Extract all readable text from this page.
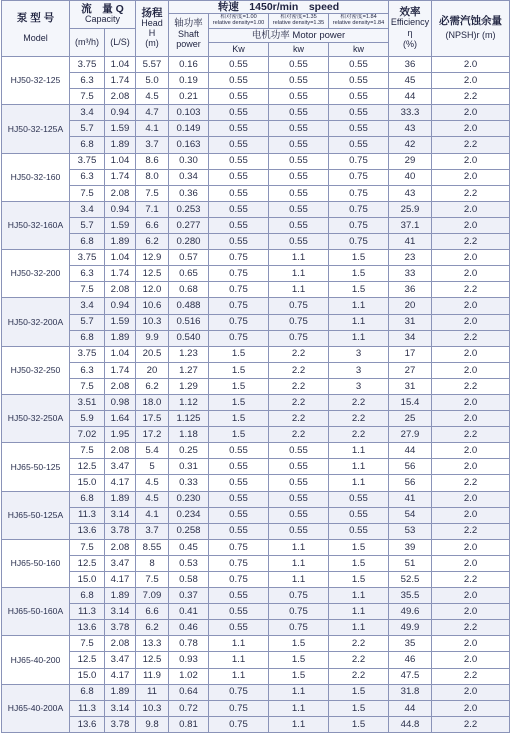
泵 型 号

Model	流　量 Q
Capacity		扬程
Head
H
(m)	转速　1450r/min　speed				效率
Efficiency
η
(%)	必需汽蚀余量
(NPSH)r (m)
				轴功率
Shaft
power	相对密度=1.00
relative density=1.00	相对密度=1.35
relative density=1.35	相对密度=1.84
relative density=1.84		
	(m³/h)	(L/S)			电机功率 Motor power				
					Kw	kw	kw		
HJ50-32-125	3.75	1.04	5.57	0.16	0.55	0.55	0.55	36	2.0
	6.3	1.74	5.0	0.19	0.55	0.55	0.55	45	2.0
	7.5	2.08	4.5	0.21	0.55	0.55	0.55	44	2.2
HJ50-32-125A	3.4	0.94	4.7	0.103	0.55	0.55	0.55	33.3	2.0
	5.7	1.59	4.1	0.149	0.55	0.55	0.55	43	2.0
	6.8	1.89	3.7	0.163	0.55	0.55	0.55	42	2.2
HJ50-32-160	3.75	1.04	8.6	0.30	0.55	0.55	0.75	29	2.0
	6.3	1.74	8.0	0.34	0.55	0.55	0.75	40	2.0
	7.5	2.08	7.5	0.36	0.55	0.55	0.75	43	2.2
HJ50-32-160A	3.4	0.94	7.1	0.253	0.55	0.55	0.75	25.9	2.0
	5.7	1.59	6.6	0.277	0.55	0.55	0.75	37.1	2.0
	6.8	1.89	6.2	0.280	0.55	0.55	0.75	41	2.2
HJ50-32-200	3.75	1.04	12.9	0.57	0.75	1.1	1.5	23	2.0
	6.3	1.74	12.5	0.65	0.75	1.1	1.5	33	2.0
	7.5	2.08	12.0	0.68	0.75	1.1	1.5	36	2.2
HJ50-32-200A	3.4	0.94	10.6	0.488	0.75	0.75	1.1	20	2.0
	5.7	1.59	10.3	0.516	0.75	0.75	1.1	31	2.0
	6.8	1.89	9.9	0.540	0.75	0.75	1.1	34	2.2
HJ50-32-250	3.75	1.04	20.5	1.23	1.5	2.2	3	17	2.0
	6.3	1.74	20	1.27	1.5	2.2	3	27	2.0
	7.5	2.08	6.2	1.29	1.5	2.2	3	31	2.2
HJ50-32-250A	3.51	0.98	18.0	1.12	1.5	2.2	2.2	15.4	2.0
	5.9	1.64	17.5	1.125	1.5	2.2	2.2	25	2.0
	7.02	1.95	17.2	1.18	1.5	2.2	2.2	27.9	2.2
HJ65-50-125	7.5	2.08	5.4	0.25	0.55	0.55	1.1	44	2.0
	12.5	3.47	5	0.31	0.55	0.55	1.1	56	2.0
	15.0	4.17	4.5	0.33	0.55	0.55	1.1	56	2.2
HJ65-50-125A	6.8	1.89	4.5	0.230	0.55	0.55	0.55	41	2.0
	11.3	3.14	4.1	0.234	0.55	0.55	0.55	54	2.0
	13.6	3.78	3.7	0.258	0.55	0.55	0.55	53	2.2
HJ65-50-160	7.5	2.08	8.55	0.45	0.75	1.1	1.5	39	2.0
	12.5	3.47	8	0.53	0.75	1.1	1.5	51	2.0
	15.0	4.17	7.5	0.58	0.75	1.1	1.5	52.5	2.2
HJ65-50-160A	6.8	1.89	7.09	0.37	0.55	0.75	1.1	35.5	2.0
	11.3	3.14	6.6	0.41	0.55	0.75	1.1	49.6	2.0
	13.6	3.78	6.2	0.46	0.55	0.75	1.1	49.9	2.2
HJ65-40-200	7.5	2.08	13.3	0.78	1.1	1.5	2.2	35	2.0
	12.5	3.47	12.5	0.93	1.1	1.5	2.2	46	2.0
	15.0	4.17	11.9	1.02	1.1	1.5	2.2	47.5	2.2
HJ65-40-200A	6.8	1.89	11	0.64	0.75	1.1	1.5	31.8	2.0
	11.3	3.14	10.3	0.72	0.75	1.1	1.5	44	2.0
	13.6	3.78	9.8	0.81	0.75	1.1	1.5	44.8	2.2
